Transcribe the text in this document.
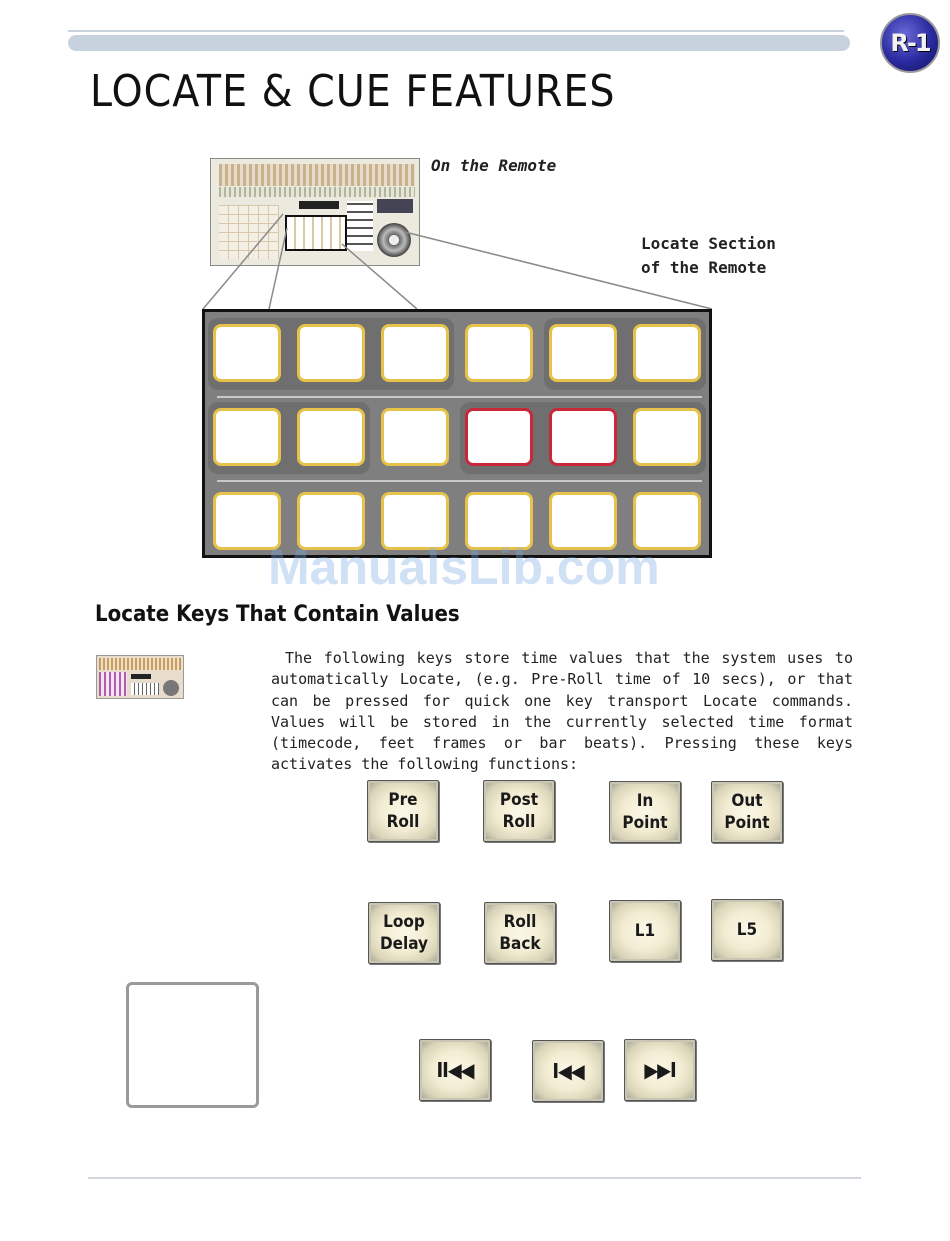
R-1
LOCATE & CUE FEATURES
On the Remote
Locate Section
of the Remote
ManualsLib.com
Locate Keys That Contain Values
The following keys store time values that the system uses to automatically Locate, (e.g. Pre-Roll time of 10 secs), or that can be pressed for quick one key transport Locate commands. Values will be stored in the currently selected time format (timecode, feet frames or bar beats). Pressing these keys activates the following functions:
Pre
Roll
Post
Roll
In
Point
Out
Point
Loop
Delay
Roll
Back
L1	L5
II◀◀	I◀◀	▶▶I
